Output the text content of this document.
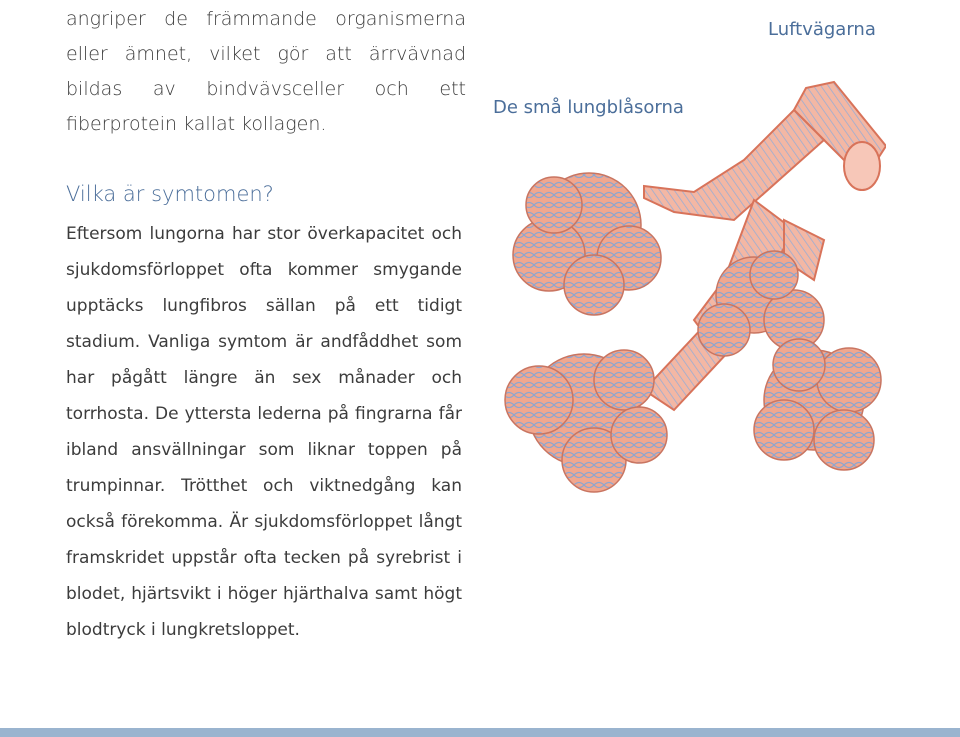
angriper de främmande organismerna eller ämnet, vilket gör att ärrvävnad bildas av bindvävsceller och ett fiberprotein kallat kollagen.
Vilka är symtomen?

Eftersom lungorna har stor överkapacitet och sjukdomsförloppet ofta kommer smygande upptäcks lungfibros sällan på ett tidigt stadium. Vanliga symtom är andfåddhet som har pågått längre än sex månader och torrhosta. De yttersta lederna på fingrarna får ibland ansvällningar som liknar toppen på trumpinnar. Trötthet och viktnedgång kan också förekomma. Är sjukdomsförloppet långt framskridet uppstår ofta tecken på syrebrist i blodet, hjärtsvikt i höger hjärthalva samt högt blodtryck i lungkretsloppet.

Luftvägarna
De små lungblåsorna
